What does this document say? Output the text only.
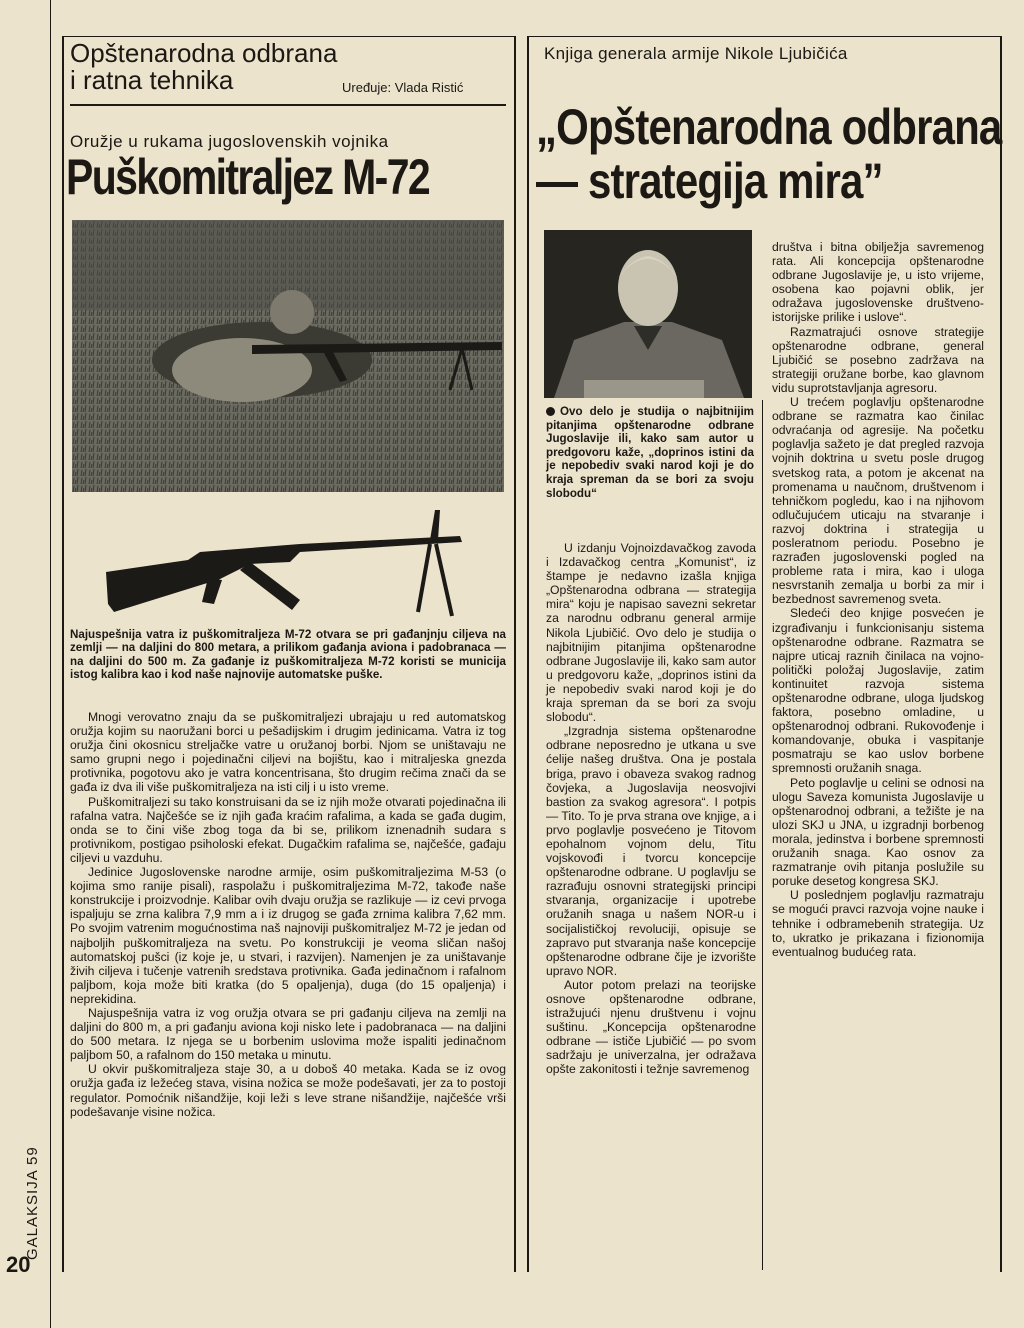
GALAKSIJA 59
20
Opštenarodna odbrana
i ratna tehnika	Uređuje: Vlada Ristić
Oružje u rukama jugoslovenskih vojnika
Puškomitraljez M-72
Najuspešnija vatra iz puškomitraljeza M-72 otvara se pri gađanjnju ciljeva na zemlji — na daljini do 800 metara, a prilikom gađanja aviona i padobranaca — na daljini do 500 m. Za gađanje iz puškomitraljeza M-72 koristi se municija istog kalibra kao i kod naše najnovije automatske puške.

Mnogi verovatno znaju da se puškomitraljezi ubrajaju u red automatskog oružja kojim su naoružani borci u pešadijskim i drugim jedinicama. Vatra iz tog oružja čini okosnicu streljačke vatre u oružanoj borbi. Njom se uništavaju ne samo grupni nego i pojedinačni ciljevi na bojištu, kao i mitraljeska gnezda protivnika, pogotovu ako je vatra koncentrisana, što drugim rečima znači da se gađa iz dva ili više puškomitraljeza na isti cilj i u isto vreme.

Puškomitraljezi su tako konstruisani da se iz njih može otvarati pojedinačna ili rafalna vatra. Najčešće se iz njih gađa kraćim rafalima, a kada se gađa dugim, onda se to čini više zbog toga da bi se, prilikom iznenadnih sudara s protivnikom, postigao psiholoski efekat. Dugačkim rafalima se, najčešće, gađaju ciljevi u vazduhu.

Jedinice Jugoslovenske narodne armije, osim puškomitraljezima M-53 (o kojima smo ranije pisali), raspolažu i puškomitraljezima M-72, takođe naše konstrukcije i proizvodnje. Kalibar ovih dvaju oružja se razlikuje — iz cevi prvoga ispaljuju se zrna kalibra 7,9 mm a i iz drugog se gađa zrnima kalibra 7,62 mm. Po svojim vatrenim mogućnostima naš najnoviji puškomitraljez M-72 je jedan od najboljih puškomitraljeza na svetu. Po konstrukciji je veoma sličan našoj automatskoj pušci (iz koje je, u stvari, i razvijen). Namenjen je za uništavanje živih ciljeva i tučenje vatrenih sredstava protivnika. Gađa jedinačnom i rafalnom paljbom, koja može biti kratka (do 5 opaljenja), duga (do 15 opaljenja) i neprekidina.

Najuspešnija vatra iz vog oružja otvara se pri gađanju ciljeva na zemlji na daljini do 800 m, a pri gađanju aviona koji nisko lete i padobranaca — na daljini do 500 metara. Iz njega se u borbenim uslovima može ispaliti jedinačnom paljbom 50, a rafalnom do 150 metaka u minutu.

U okvir puškomitraljeza staje 30, a u doboš 40 metaka. Kada se iz ovog oružja gađa iz ležećeg stava, visina nožica se može podešavati, jer za to postoji regulator. Pomoćnik nišandžije, koji leži s leve strane nišandžije, najčešće vrši podešavanje visine nožica.

Knjiga generala armije Nikole Ljubičića
„Opštenarodna odbrana
— strategija mira”
Ovo delo je studija o najbitnijim pitanjima opštenarodne odbrane Jugoslavije ili, kako sam autor u predgovoru kaže, „doprinos istini da je nepobediv svaki narod koji je do kraja spreman da se bori za svoju slobodu“

U izdanju Vojnoizdavačkog zavoda i Izdavačkog centra „Komunist“, iz štampe je nedavno izašla knjiga „Opštenarodna odbrana — strategija mira“ koju je napisao savezni sekretar za narodnu odbranu general armije Nikola Ljubičić. Ovo delo je studija o najbitnijim pitanjima opštenarodne odbrane Jugoslavije ili, kako sam autor u predgovoru kaže, „doprinos istini da je nepobediv svaki narod koji je do kraja spreman da se bori za svoju slobodu“.

„Izgradnja sistema opštenarodne odbrane neposredno je utkana u sve ćelije našeg društva. Ona je postala briga, pravo i obaveza svakog radnog čovjeka, a Jugoslavija neosvojivi bastion za svakog agresora“. I potpis — Tito. To je prva strana ove knjige, a i prvo poglavlje posvećeno je Titovom epohalnom vojnom delu, Titu vojskovođi i tvorcu koncepcije opštenarodne odbrane. U poglavlju se razrađuju osnovni strategijski principi stvaranja, organizacije i upotrebe oružanih snaga u našem NOR-u i socijalističkoj revoluciji, opisuje se zapravo put stvaranja naše koncepcije opštenarodne odbrane čije je izvorište upravo NOR.

Autor potom prelazi na teorijske osnove opštenarodne odbrane, istražujući njenu društvenu i vojnu suštinu. „Koncepcija opštenarodne odbrane — ističe Ljubičić — po svom sadržaju je univerzalna, jer odražava opšte zakonitosti i težnje savremenog

društva i bitna obilježja savremenog rata. Ali koncepcija opštenarodne odbrane Jugoslavije je, u isto vrijeme, osobena kao pojavni oblik, jer odražava jugoslovenske društveno-istorijske prilike i uslove“.

Razmatrajući osnove strategije opštenarodne odbrane, general Ljubičić se posebno zadržava na strategiji oružane borbe, kao glavnom vidu suprotstavljanja agresoru.

U trećem poglavlju opštenarodne odbrane se razmatra kao činilac odvraćanja od agresije. Na početku poglavlja sažeto je dat pregled razvoja vojnih doktrina u svetu posle drugog svetskog rata, a potom je akcenat na promenama u naučnom, društvenom i tehničkom pogledu, kao i na njihovom odlučujućem uticaju na stvaranje i razvoj doktrina i strategija u posleratnom periodu. Posebno je razrađen jugoslovenski pogled na probleme rata i mira, kao i uloga nesvrstanih zemalja u borbi za mir i bezbednost savremenog sveta.

Sledeći deo knjige posvećen je izgrađivanju i funkcionisanju sistema opštenarodne odbrane. Razmatra se najpre uticaj raznih činilaca na vojno-politički položaj Jugoslavije, zatim kontinuitet razvoja sistema opštenarodne odbrane, uloga ljudskog faktora, posebno omladine, u opštenarodnoj odbrani. Rukovođenje i komandovanje, obuka i vaspitanje posmatraju se kao uslov borbene spremnosti oružanih snaga.

Peto poglavlje u celini se odnosi na ulogu Saveza komunista Jugoslavije u opštenarodnoj odbrani, a težište je na ulozi SKJ u JNA, u izgradnji borbenog morala, jedinstva i borbene spremnosti oružanih snaga. Kao osnov za razmatranje ovih pitanja poslužile su poruke desetog kongresa SKJ.

U poslednjem poglavlju razmatraju se mogući pravci razvoja vojne nauke i tehnike i odbramebenih strategija. Uz to, ukratko je prikazana i fizionomija eventualnog budućeg rata.
